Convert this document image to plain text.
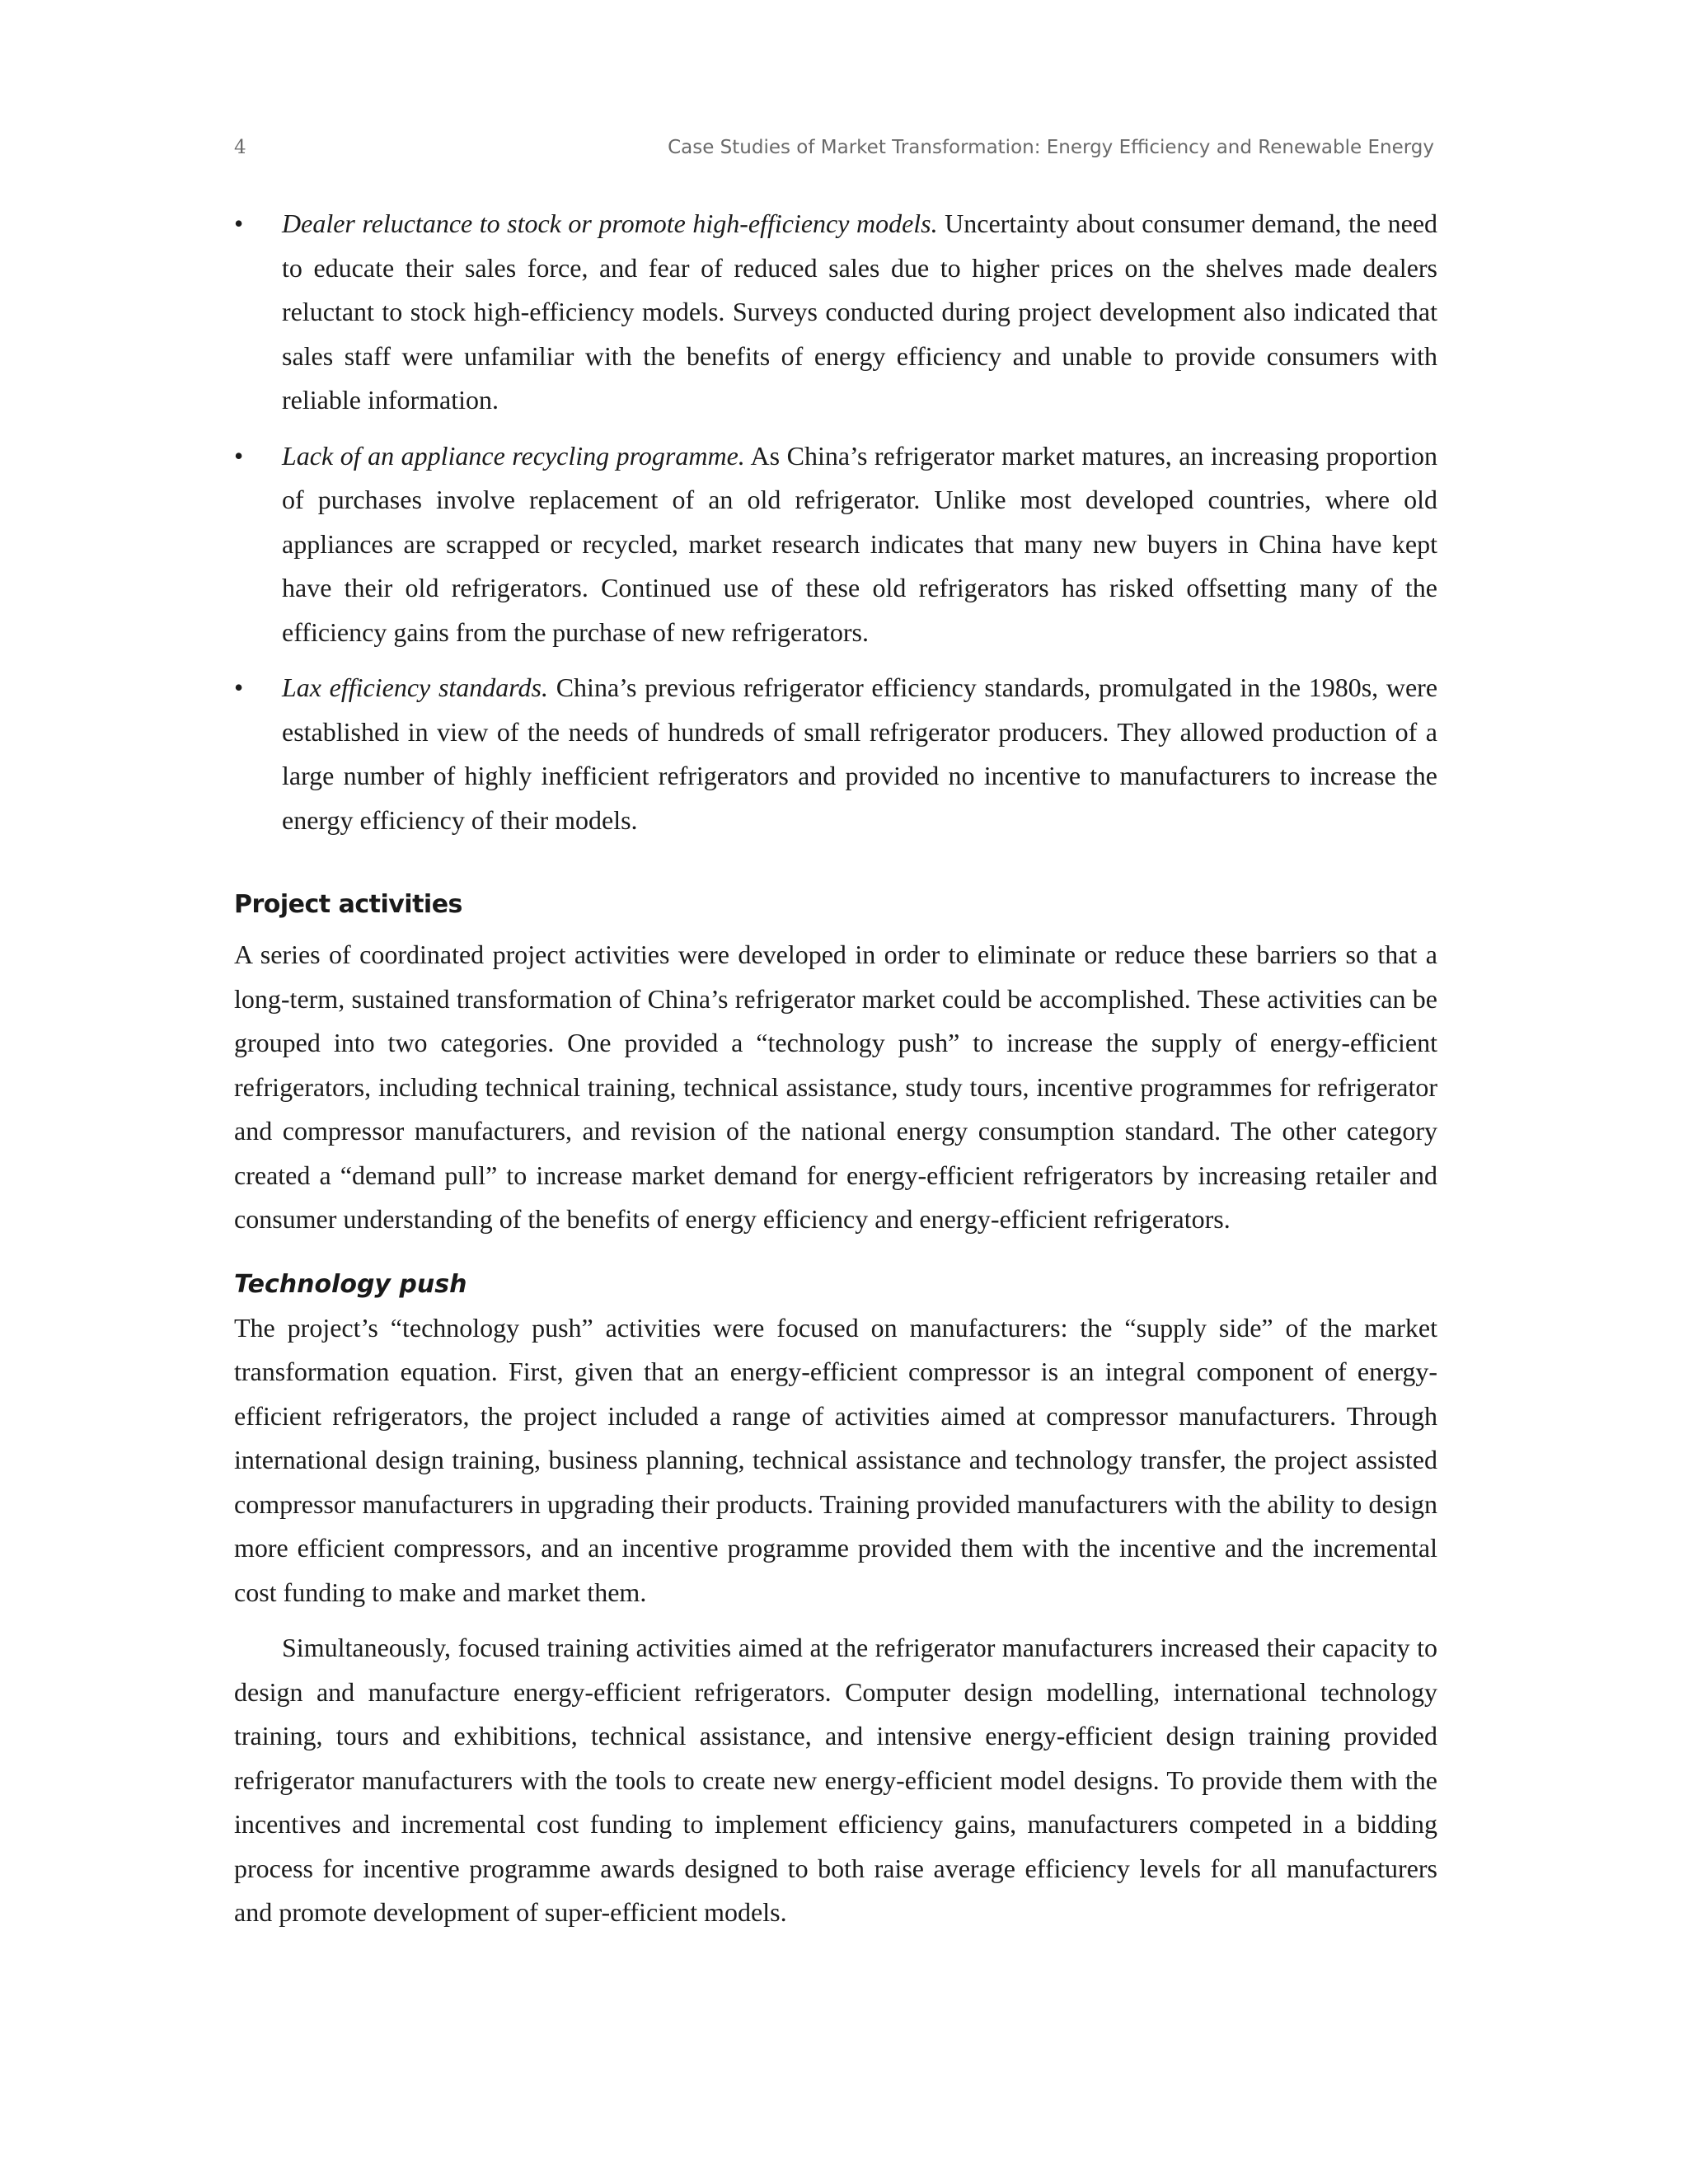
4	Case Studies of Market Transformation: Energy Efficiency and Renewable Energy
•	Dealer reluctance to stock or promote high-efficiency models. Uncertainty about consumer demand, the need to educate their sales force, and fear of reduced sales due to higher prices on the shelves made dealers reluctant to stock high-efficiency models. Surveys conducted during project development also indicated that sales staff were unfamiliar with the benefits of energy efficiency and unable to provide consumers with reliable information.
•	Lack of an appliance recycling programme. As China’s refrigerator market matures, an increasing proportion of purchases involve replacement of an old refrigerator. Unlike most developed countries, where old appliances are scrapped or recycled, market research indicates that many new buyers in China have kept have their old refrigerators. Continued use of these old refrigerators has risked offsetting many of the efficiency gains from the purchase of new refrigerators.
•	Lax efficiency standards. China’s previous refrigerator efficiency standards, promulgated in the 1980s, were established in view of the needs of hundreds of small refrigerator producers. They allowed production of a large number of highly inefficient refrigerators and provided no incentive to manufacturers to increase the energy efficiency of their models.
Project activities

A series of coordinated project activities were developed in order to eliminate or reduce these barriers so that a long-term, sustained transformation of China’s refrigerator market could be accomplished. These activities can be grouped into two categories. One provided a “technology push” to increase the supply of energy-efficient refrigerators, including technical training, technical assistance, study tours, incentive programmes for refrigerator and compressor manufacturers, and revision of the national energy consumption standard. The other category created a “demand pull” to increase market demand for energy-efficient refrigerators by increasing retailer and consumer understanding of the benefits of energy efficiency and energy-efficient refrigerators.

Technology push

The project’s “technology push” activities were focused on manufacturers: the “supply side” of the market transformation equation. First, given that an energy-efficient compressor is an integral component of energy-efficient refrigerators, the project included a range of activities aimed at compressor manufacturers. Through international design training, business planning, technical assistance and technology transfer, the project assisted compressor manufacturers in upgrading their products. Training provided manufacturers with the ability to design more efficient compressors, and an incentive programme provided them with the incentive and the incremental cost funding to make and market them.

Simultaneously, focused training activities aimed at the refrigerator manufacturers increased their capacity to design and manufacture energy-efficient refrigerators. Computer design modelling, international technology training, tours and exhibitions, technical assistance, and intensive energy-efficient design training provided refrigerator manufacturers with the tools to create new energy-efficient model designs. To provide them with the incentives and incremental cost funding to implement efficiency gains, manufacturers competed in a bidding process for incentive programme awards designed to both raise average efficiency levels for all manufacturers and promote development of super-efficient models.
